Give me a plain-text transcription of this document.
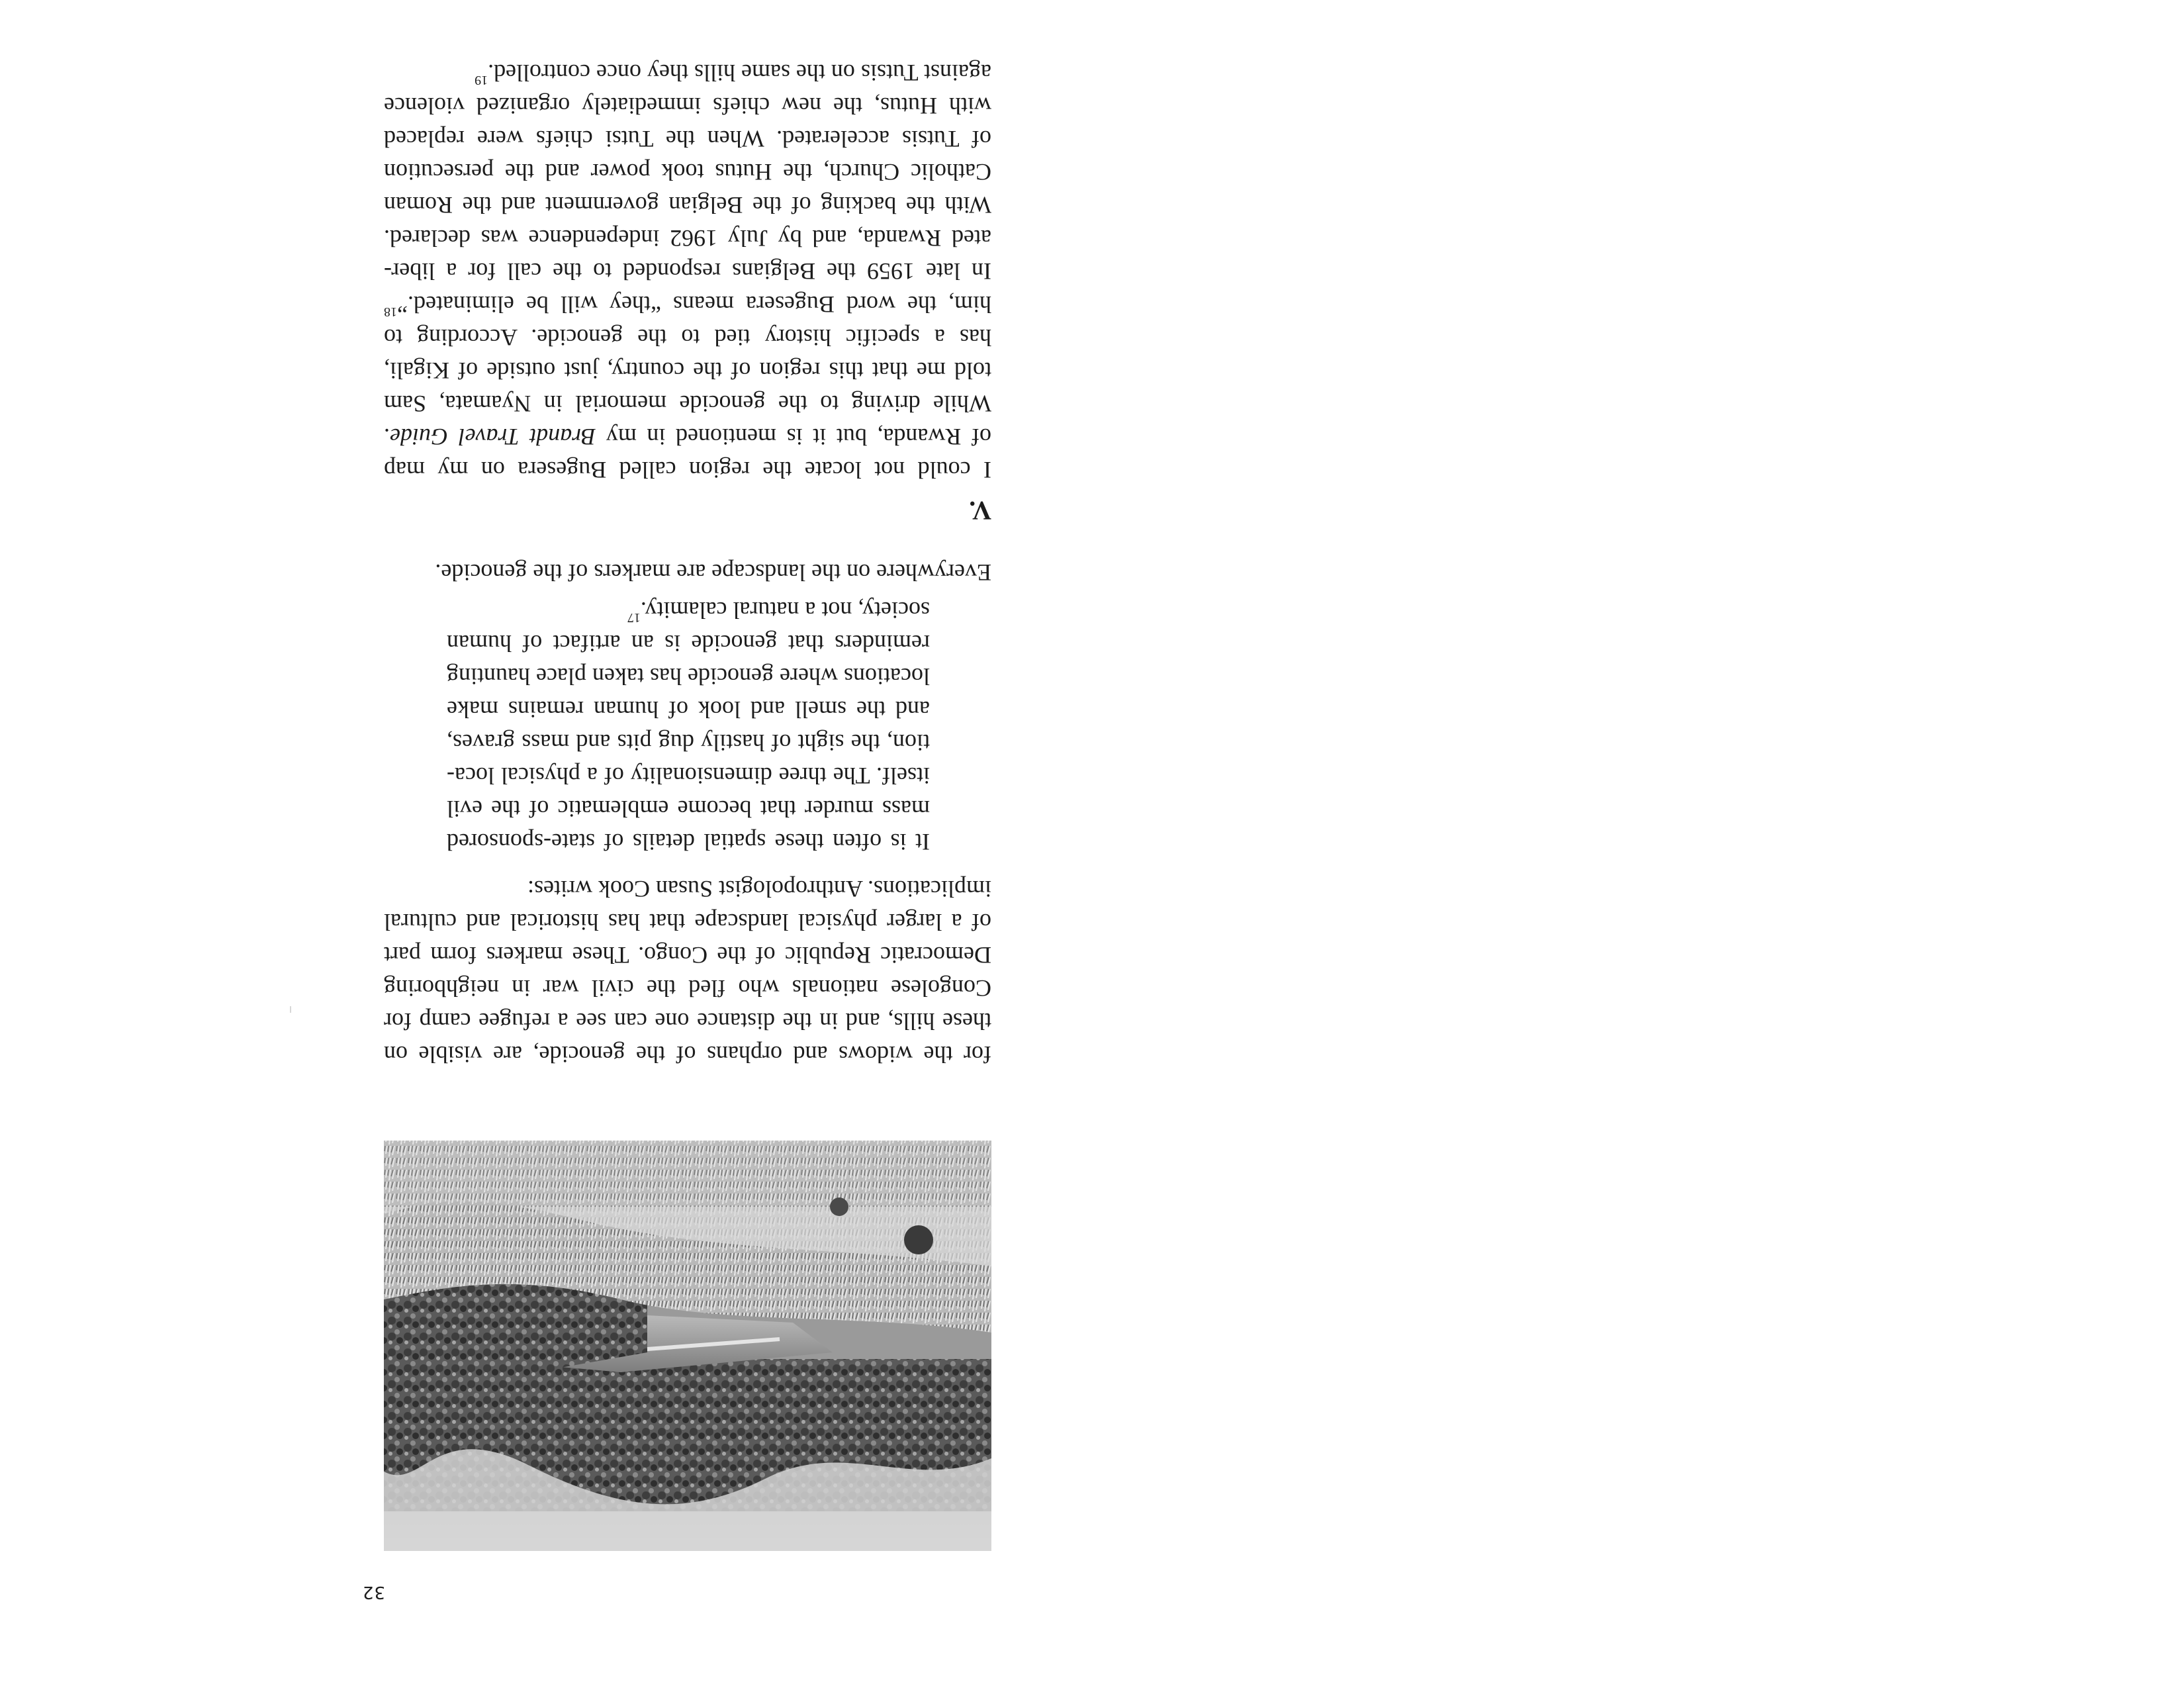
32
for the widows and orphans of the genocide, are visible on
these hills, and in the distance one can see a refugee camp for
Congolese nationals who fled the civil war in neighboring
Democratic Republic of the Congo. These markers form part
of a larger physical landscape that has historical and cultural
implications. Anthropologist Susan Cook writes:
It is often these spatial details of state-sponsored
mass murder that become emblematic of the evil
itself. The three dimensionality of a physical loca-
tion, the sight of hastily dug pits and mass graves,
and the smell and look of human remains make
locations where genocide has taken place haunting
reminders that genocide is an artifact of human
society, not a natural calamity.$^{17}$
Everywhere on the landscape are markers of the genocide.
V.
I could not locate the region called Bugesera on my map
of Rwanda, but it is mentioned in my Brandt Travel Guide.
While driving to the genocide memorial in Nyamata, Sam
told me that this region of the country, just outside of Kigali,
has a specific history tied to the genocide. According to
him, the word Bugesera means “they will be eliminated.”$^{18}$
In late 1959 the Belgians responded to the call for a liber-
ated Rwanda, and by July 1962 independence was declared.
With the backing of the Belgian government and the Roman
Catholic Church, the Hutus took power and the persecution
of Tutsis accelerated. When the Tutsi chiefs were replaced
with Hutus, the new chiefs immediately organized violence
against Tutsis on the same hills they once controlled.$^{19}$
